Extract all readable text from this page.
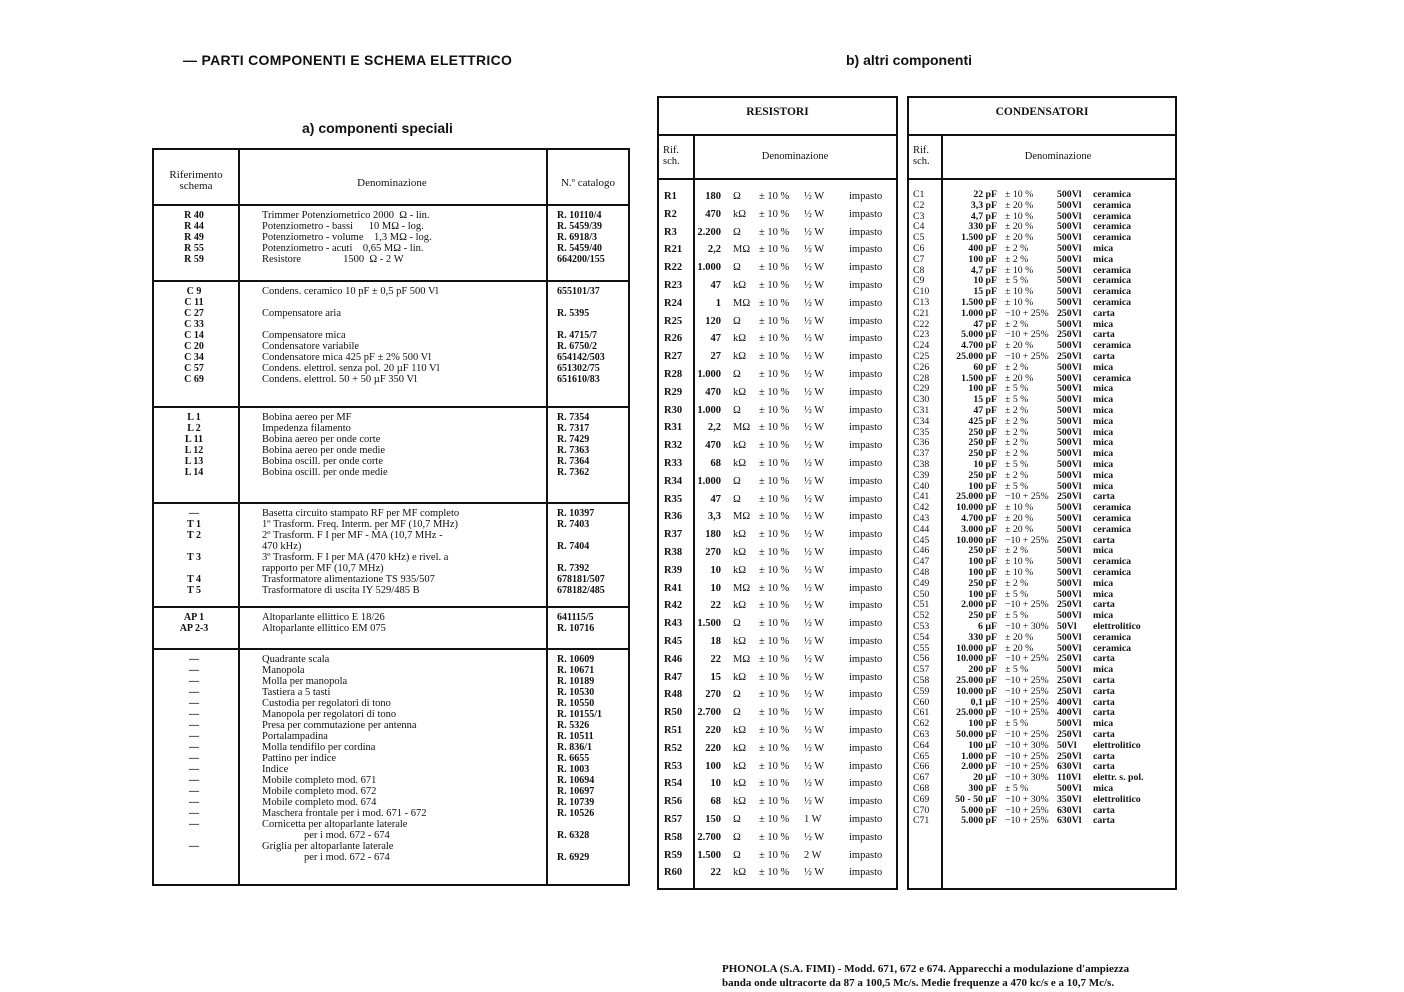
— PARTI COMPONENTI E SCHEMA ELETTRICO	b) altri componenti
a) componenti speciali
Riferimento schema	Denominazione	N.º catalogo
R 40	Trimmer Potenziometrico 2000  Ω - lin.	R. 10110/4
R 44	Potenziometro - bassi      10 MΩ - log.	R. 5459/39
R 49	Potenziometro - volume    1,3 MΩ - log.	R. 6918/3
R 55	Potenziometro - acuti    0,65 MΩ - lin.	R. 5459/40
R 59	Resistore                1500  Ω - 2 W	664200/155
C 9	Condens. ceramico 10 pF ± 0,5 pF 500 Vl	655101/37
C 11
C 27	Compensatore aria	R. 5395
C 33
C 14	Compensatore mica	R. 4715/7
C 20	Condensatore variabile	R. 6750/2
C 34	Condensatore mica 425 pF ± 2% 500 Vl	654142/503
C 57	Condens. elettrol. senza pol. 20 µF 110 Vl	651302/75
C 69	Condens. elettrol. 50 + 50 µF 350 Vl	651610/83
L 1	Bobina aereo per MF	R. 7354
L 2	Impedenza filamento	R. 7317
L 11	Bobina aereo per onde corte	R. 7429
L 12	Bobina aereo per onde medie	R. 7363
L 13	Bobina oscill. per onde corte	R. 7364
L 14	Bobina oscill. per onde medie	R. 7362
—	Basetta circuito stampato RF per MF completo	R. 10397
T 1	1º Trasform. Freq. Interm. per MF (10,7 MHz)	R. 7403
T 2	2º Trasform. F I per MF - MA (10,7 MHz -
470 kHz)	R. 7404
T 3	3º Trasform. F I per MA (470 kHz) e rivel. a
rapporto per MF (10,7 MHz)	R. 7392
T 4	Trasformatore alimentazione TS 935/507	678181/507
T 5	Trasformatore di uscita IY 529/485 B	678182/485
AP 1	Altoparlante ellittico E 18/26	641115/5
AP 2-3	Altoparlante ellittico EM 075	R. 10716
—	Quadrante scala	R. 10609
—	Manopola	R. 10671
—	Molla per manopola	R. 10189
—	Tastiera a 5 tasti	R. 10530
—	Custodia per regolatori di tono	R. 10550
—	Manopola per regolatori di tono	R. 10155/1
—	Presa per commutazione per antenna	R. 5326
—	Portalampadina	R. 10511
—	Molla tendifilo per cordina	R. 836/1
—	Pattino per indice	R. 6655
—	Indice	R. 1003
—	Mobile completo mod. 671	R. 10694
—	Mobile completo mod. 672	R. 10697
—	Mobile completo mod. 674	R. 10739
—	Maschera frontale per i mod. 671 - 672	R. 10526
—	Cornicetta per altoparlante laterale
per i mod. 672 - 674	R. 6328
—	Griglia per altoparlante laterale
per i mod. 672 - 674	R. 6929
RESISTORI
Rif. sch.	Denominazione
R1	180 Ω ± 10 % ½ W impasto
R2	470 kΩ ± 10 % ½ W impasto
R3 2.200 Ω ± 10 % ½ W impasto
R21	2,2 MΩ ± 10 % ½ W impasto
R22 1.000 Ω ± 10 % ½ W impasto
R23	47 kΩ ± 10 % ½ W impasto
R24	1 MΩ ± 10 % ½ W impasto
R25	120 Ω ± 10 % ½ W impasto
R26	47 kΩ ± 10 % ½ W impasto
R27	27 kΩ ± 10 % ½ W impasto
R28 1.000 Ω ± 10 % ½ W impasto
R29	470 kΩ ± 10 % ½ W impasto
R30 1.000 Ω ± 10 % ½ W impasto
R31	2,2 MΩ ± 10 % ½ W impasto
R32	470 kΩ ± 10 % ½ W impasto
R33	68 kΩ ± 10 % ½ W impasto
R34 1.000 Ω ± 10 % ½ W impasto
R35	47 Ω ± 10 % ½ W impasto
R36	3,3 MΩ ± 10 % ½ W impasto
R37	180 kΩ ± 10 % ½ W impasto
R38	270 kΩ ± 10 % ½ W impasto
R39	10 kΩ ± 10 % ½ W impasto
R41	10 MΩ ± 10 % ½ W impasto
R42	22 kΩ ± 10 % ½ W impasto
R43 1.500 Ω ± 10 % ½ W impasto
R45	18 kΩ ± 10 % ½ W impasto
R46	22 MΩ ± 10 % ½ W impasto
R47	15 kΩ ± 10 % ½ W impasto
R48	270 Ω ± 10 % ½ W impasto
R50 2.700 Ω ± 10 % ½ W impasto
R51	220 kΩ ± 10 % ½ W impasto
R52	220 kΩ ± 10 % ½ W impasto
R53	100 kΩ ± 10 % ½ W impasto
R54	10 kΩ ± 10 % ½ W impasto
R56	68 kΩ ± 10 % ½ W impasto
R57	150 Ω ± 10 % 1 W	impasto
R58 2.700 Ω ± 10 % ½ W impasto
R59 1.500 Ω ± 10 % 2 W	impasto
R60	22 kΩ ± 10 % ½ W impasto
CONDENSATORI
Rif. sch.	Denominazione
C1	22 pF ± 10 %	500Vl ceramica
C2	3,3 pF ± 20 %	500Vl ceramica
C3	4,7 pF ± 10 %	500Vl ceramica
C4	330 pF ± 20 %	500Vl ceramica
C5	1.500 pF ± 20 %	500Vl ceramica
C6	400 pF ± 2 %	500Vl mica
C7	100 pF ± 2 %	500Vl mica
C8	4,7 pF ± 10 %	500Vl ceramica
C9	10 pF ± 5 %	500Vl ceramica
C10	15 pF ± 10 %	500Vl ceramica
C13	1.500 pF ± 10 %	500Vl ceramica
C21	1.000 pF −10 + 25% 250Vl carta
C22	47 pF ± 2 %	500Vl mica
C23	5.000 pF −10 + 25% 250Vl carta
C24	4.700 pF ± 20 %	500Vl ceramica
C25	25.000 pF −10 + 25% 250Vl carta
C26	60 pF ± 2 %	500Vl mica
C28	1.500 pF ± 20 %	500Vl ceramica
C29	100 pF ± 5 %	500Vl mica
C30	15 pF ± 5 %	500Vl mica
C31	47 pF ± 2 %	500Vl mica
C34	425 pF ± 2 %	500Vl mica
C35	250 pF ± 2 %	500Vl mica
C36	250 pF ± 2 %	500Vl mica
C37	250 pF ± 2 %	500Vl mica
C38	10 pF ± 5 %	500Vl mica
C39	250 pF ± 2 %	500Vl mica
C40	100 pF ± 5 %	500Vl mica
C41	25.000 pF −10 + 25% 250Vl carta
C42	10.000 pF ± 10 %	500Vl ceramica
C43	4.700 pF ± 20 %	500Vl ceramica
C44	3.000 pF ± 20 %	500Vl ceramica
C45	10.000 pF −10 + 25% 250Vl carta
C46	250 pF ± 2 %	500Vl mica
C47	100 pF ± 10 %	500Vl ceramica
C48	100 pF ± 10 %	500Vl ceramica
C49	250 pF ± 2 %	500Vl mica
C50	100 pF ± 5 %	500Vl mica
C51	2.000 pF −10 + 25% 250Vl carta
C52	250 pF ± 5 %	500Vl mica
C53	6 µF −10 + 30% 50Vl elettrolitico
C54	330 pF ± 20 %	500Vl ceramica
C55	10.000 pF ± 20 %	500Vl ceramica
C56	10.000 pF −10 + 25% 250Vl carta
C57	200 pF ± 5 %	500Vl mica
C58	25.000 pF −10 + 25% 250Vl carta
C59	10.000 pF −10 + 25% 250Vl carta
C60	0,1 µF −10 + 25% 400Vl carta
C61	25.000 pF −10 + 25% 400Vl carta
C62	100 pF ± 5 %	500Vl mica
C63	50.000 pF −10 + 25% 250Vl carta
C64	100 µF −10 + 30% 50Vl elettrolitico
C65	1.000 pF −10 + 25% 250Vl carta
C66	2.000 pF −10 + 25% 630Vl carta
C67	20 µF −10 + 30% 110Vl elettr. s. pol.
C68	300 pF ± 5 %	500Vl mica
C69	50 - 50 µF −10 + 30% 350Vl elettrolitico
C70	5.000 pF −10 + 25% 630Vl carta
C71	5.000 pF −10 + 25% 630Vl carta
PHONOLA (S.A. FIMI) - Modd. 671, 672 e 674. Apparecchi a modulazione d'ampiezza
banda onde ultracorte da 87 a 100,5 Mc/s. Medie frequenze a 470 kc/s e a 10,7 Mc/s.
